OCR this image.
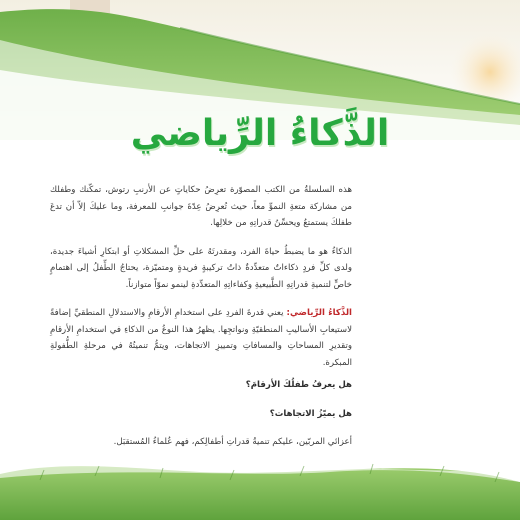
الذَّكاءُ الرِّياضي

هذه السلسلةُ من الكتب المصوّرة تعرِضُ حكاياتٍ عن الأرنبِ رتوش، تمكّنك وطفلك من مشاركة متعةِ النموِّ معاً، حيث تُعرِضُ عِدّةَ جوانبِ للمعرفة، وما عليكَ إلاّ أن تدعَ طفلكَ يستمتعُ ويحسِّنُ قدراتِهِ من خلالِها.

الذكاءُ هو ما يضبطُ حياةَ الفرد، ومقدرتَهُ على حلِّ المشكلاتِ أو ابتكارِ أشياءَ جديدة، ولدى كلِّ فردٍ ذكاءاتٌ متعدِّدةٌ ذاتُ تركيبةٍ فريدةٍ ومتميّزة، يحتاجُ الطِّفلُ إلى اهتمامٍ خاصٍّ لتنميةِ قدراتِهِ الطَّبيعيةِ وكفاءاتِهِ المتعدِّدةِ لينمو نموّاً متوازناً.

الذَّكاءُ الرِّياضي: يعني قدرةَ الفردِ على استخدامِ الأرقامِ والاستدلالِ المنطقيِّ إضافةً لاستيعابِ الأساليبِ المنطقيّةِ ونواتجِها. يظهرُ هذا النوعُ من الذكاءِ في استخدامِ الأرقامِ وتقديرِ المساحاتِ والمسافاتِ وتمييزِ الاتجاهات، ويتمُّ تنميتُهُ في مرحلةِ الطُّفولةِ المبكرة.

هل يعرفُ طفلُكَ الأرقامَ؟

هل يميّزُ الاتجاهات؟

أعزائي المربّين، عليكم تنميةُ قدراتِ أطفالِكم، فهم عُلماءُ المُستقبَل.
